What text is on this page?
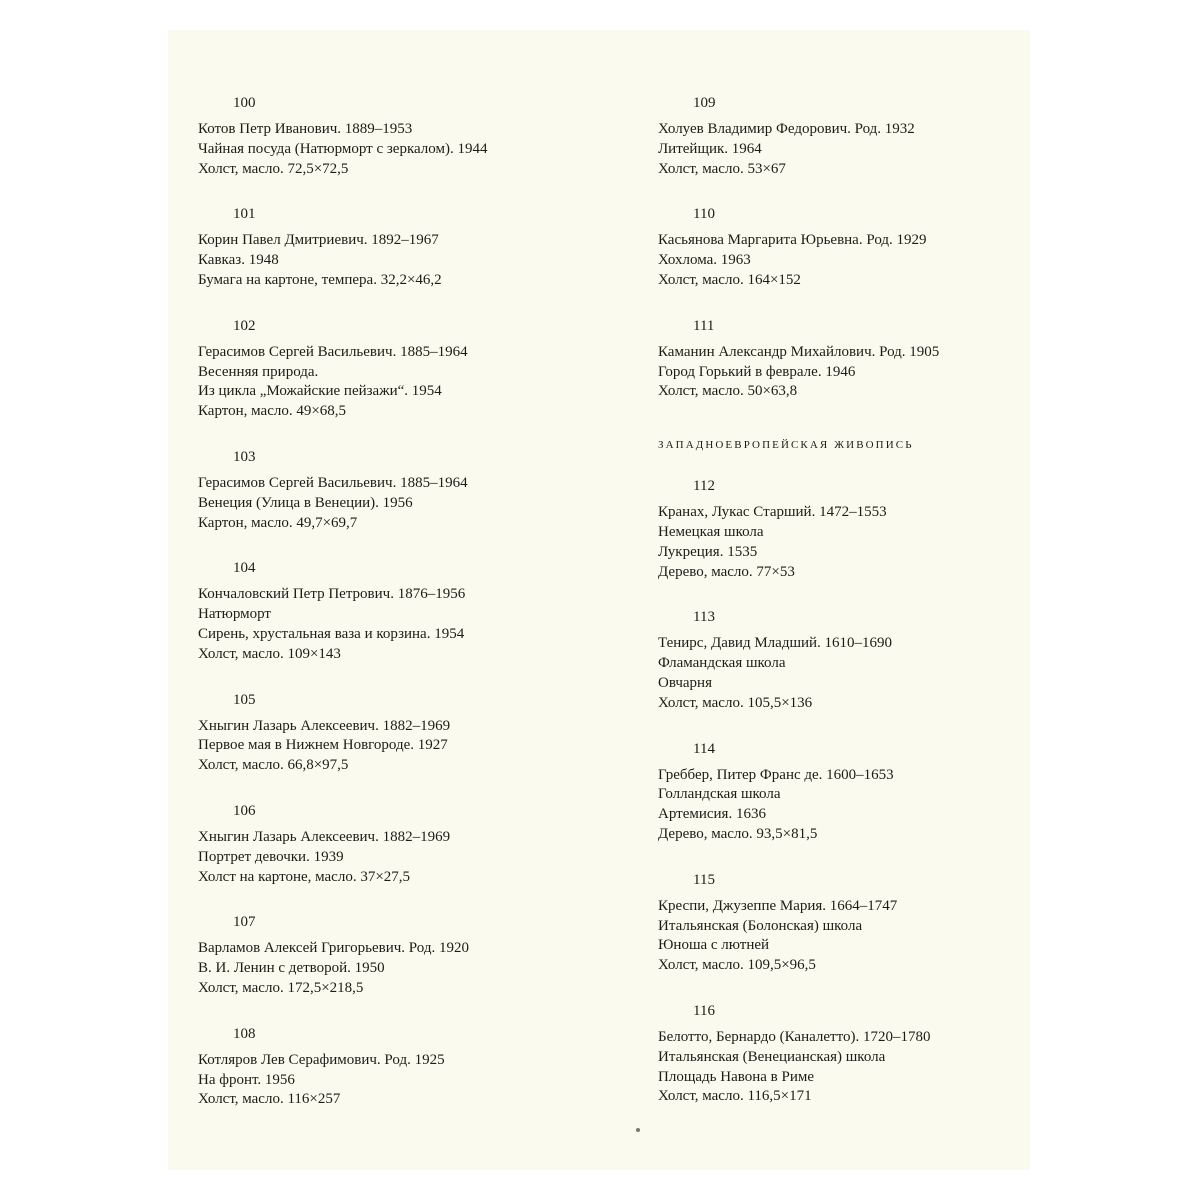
100
Котов Петр Иванович. 1889–1953
Чайная посуда (Натюрморт с зеркалом). 1944
Холст, масло. 72,5×72,5
101
Корин Павел Дмитриевич. 1892–1967
Кавказ. 1948
Бумага на картоне, темпера. 32,2×46,2
102
Герасимов Сергей Васильевич. 1885–1964
Весенняя природа.
Из цикла „Можайские пейзажи“. 1954
Картон, масло. 49×68,5
103
Герасимов Сергей Васильевич. 1885–1964
Венеция (Улица в Венеции). 1956
Картон, масло. 49,7×69,7
104
Кончаловский Петр Петрович. 1876–1956
Натюрморт
Сирень, хрустальная ваза и корзина. 1954
Холст, масло. 109×143
105
Хныгин Лазарь Алексеевич. 1882–1969
Первое мая в Нижнем Новгороде. 1927
Холст, масло. 66,8×97,5
106
Хныгин Лазарь Алексеевич. 1882–1969
Портрет девочки. 1939
Холст на картоне, масло. 37×27,5
107
Варламов Алексей Григорьевич. Род. 1920
В. И. Ленин с детворой. 1950
Холст, масло. 172,5×218,5
108
Котляров Лев Серафимович. Род. 1925
На фронт. 1956
Холст, масло. 116×257
109
Холуев Владимир Федорович. Род. 1932
Литейщик. 1964
Холст, масло. 53×67
110
Касьянова Маргарита Юрьевна. Род. 1929
Хохлома. 1963
Холст, масло. 164×152
111
Каманин Александр Михайлович. Род. 1905
Город Горький в феврале. 1946
Холст, масло. 50×63,8
ЗАПАДНОЕВРОПЕЙСКАЯ ЖИВОПИСЬ
112
Кранах, Лукас Старший. 1472–1553
Немецкая школа
Лукреция. 1535
Дерево, масло. 77×53
113
Тенирс, Давид Младший. 1610–1690
Фламандская школа
Овчарня
Холст, масло. 105,5×136
114
Греббер, Питер Франс де. 1600–1653
Голландская школа
Артемисия. 1636
Дерево, масло. 93,5×81,5
115
Креспи, Джузеппе Мария. 1664–1747
Итальянская (Болонская) школа
Юноша с лютней
Холст, масло. 109,5×96,5
116
Белотто, Бернардо (Каналетто). 1720–1780
Итальянская (Венецианская) школа
Площадь Навона в Риме
Холст, масло. 116,5×171
